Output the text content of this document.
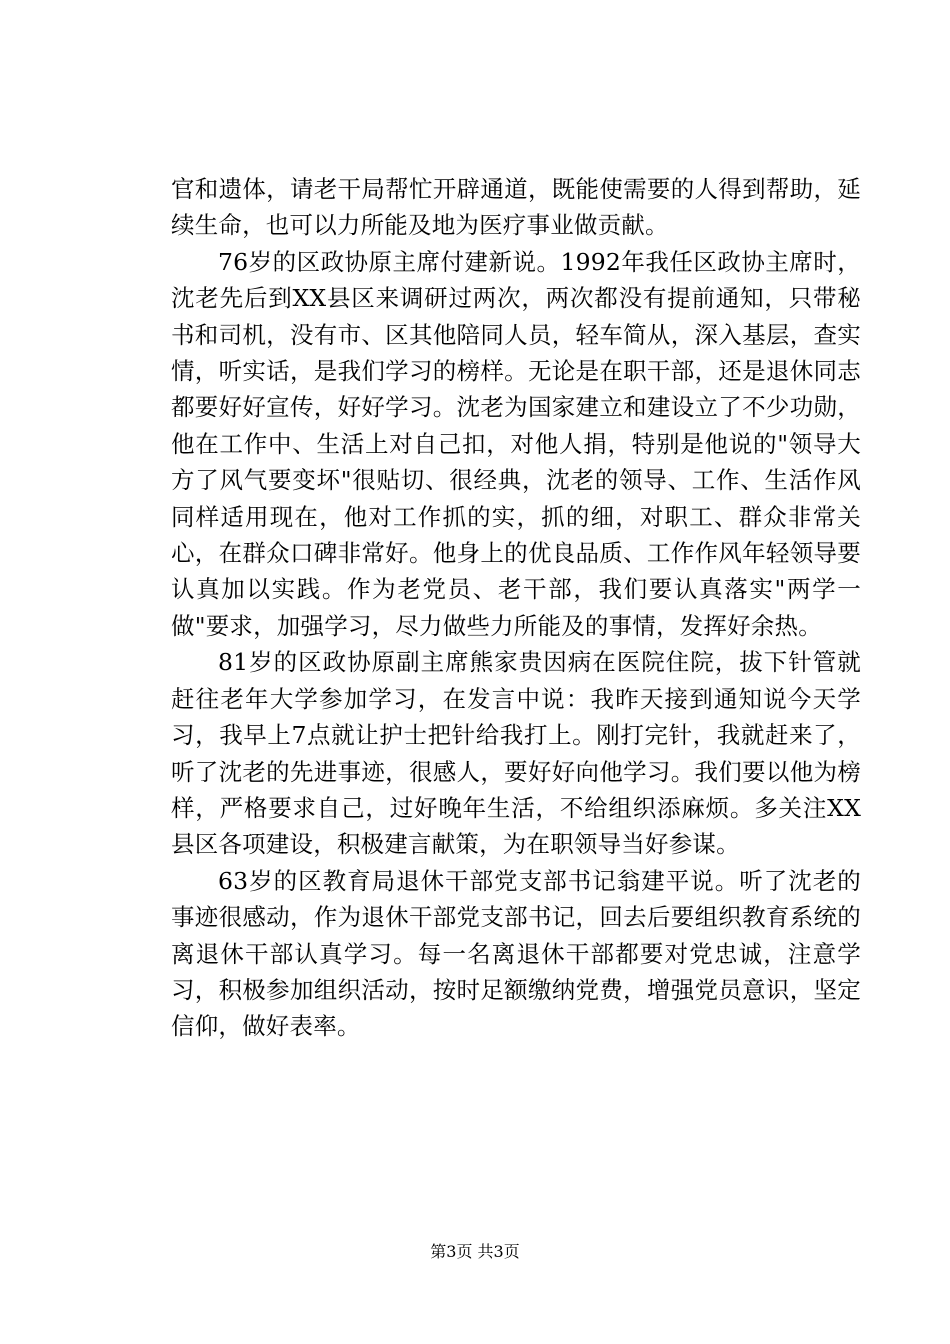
官和遗体，请老干局帮忙开辟通道，既能使需要的人得到帮助，延续生命，也可以力所能及地为医疗事业做贡献。

76岁的区政协原主席付建新说。1992年我任区政协主席时，沈老先后到XX县区来调研过两次，两次都没有提前通知，只带秘书和司机，没有市、区其他陪同人员，轻车简从，深入基层，查实情，听实话，是我们学习的榜样。无论是在职干部，还是退休同志都要好好宣传，好好学习。沈老为国家建立和建设立了不少功勋，他在工作中、生活上对自己扣，对他人捐，特别是他说的"领导大方了风气要变坏"很贴切、很经典，沈老的领导、工作、生活作风同样适用现在，他对工作抓的实，抓的细，对职工、群众非常关心，在群众口碑非常好。他身上的优良品质、工作作风年轻领导要认真加以实践。作为老党员、老干部，我们要认真落实"两学一做"要求，加强学习，尽力做些力所能及的事情，发挥好余热。

81岁的区政协原副主席熊家贵因病在医院住院，拔下针管就赶往老年大学参加学习，在发言中说：我昨天接到通知说今天学习，我早上7点就让护士把针给我打上。刚打完针，我就赶来了，听了沈老的先进事迹，很感人，要好好向他学习。我们要以他为榜样，严格要求自己，过好晚年生活，不给组织添麻烦。多关注XX县区各项建设，积极建言献策，为在职领导当好参谋。

63岁的区教育局退休干部党支部书记翁建平说。听了沈老的事迹很感动，作为退休干部党支部书记，回去后要组织教育系统的离退休干部认真学习。每一名离退休干部都要对党忠诚，注意学习，积极参加组织活动，按时足额缴纳党费，增强党员意识，坚定信仰，做好表率。

第3页 共3页
